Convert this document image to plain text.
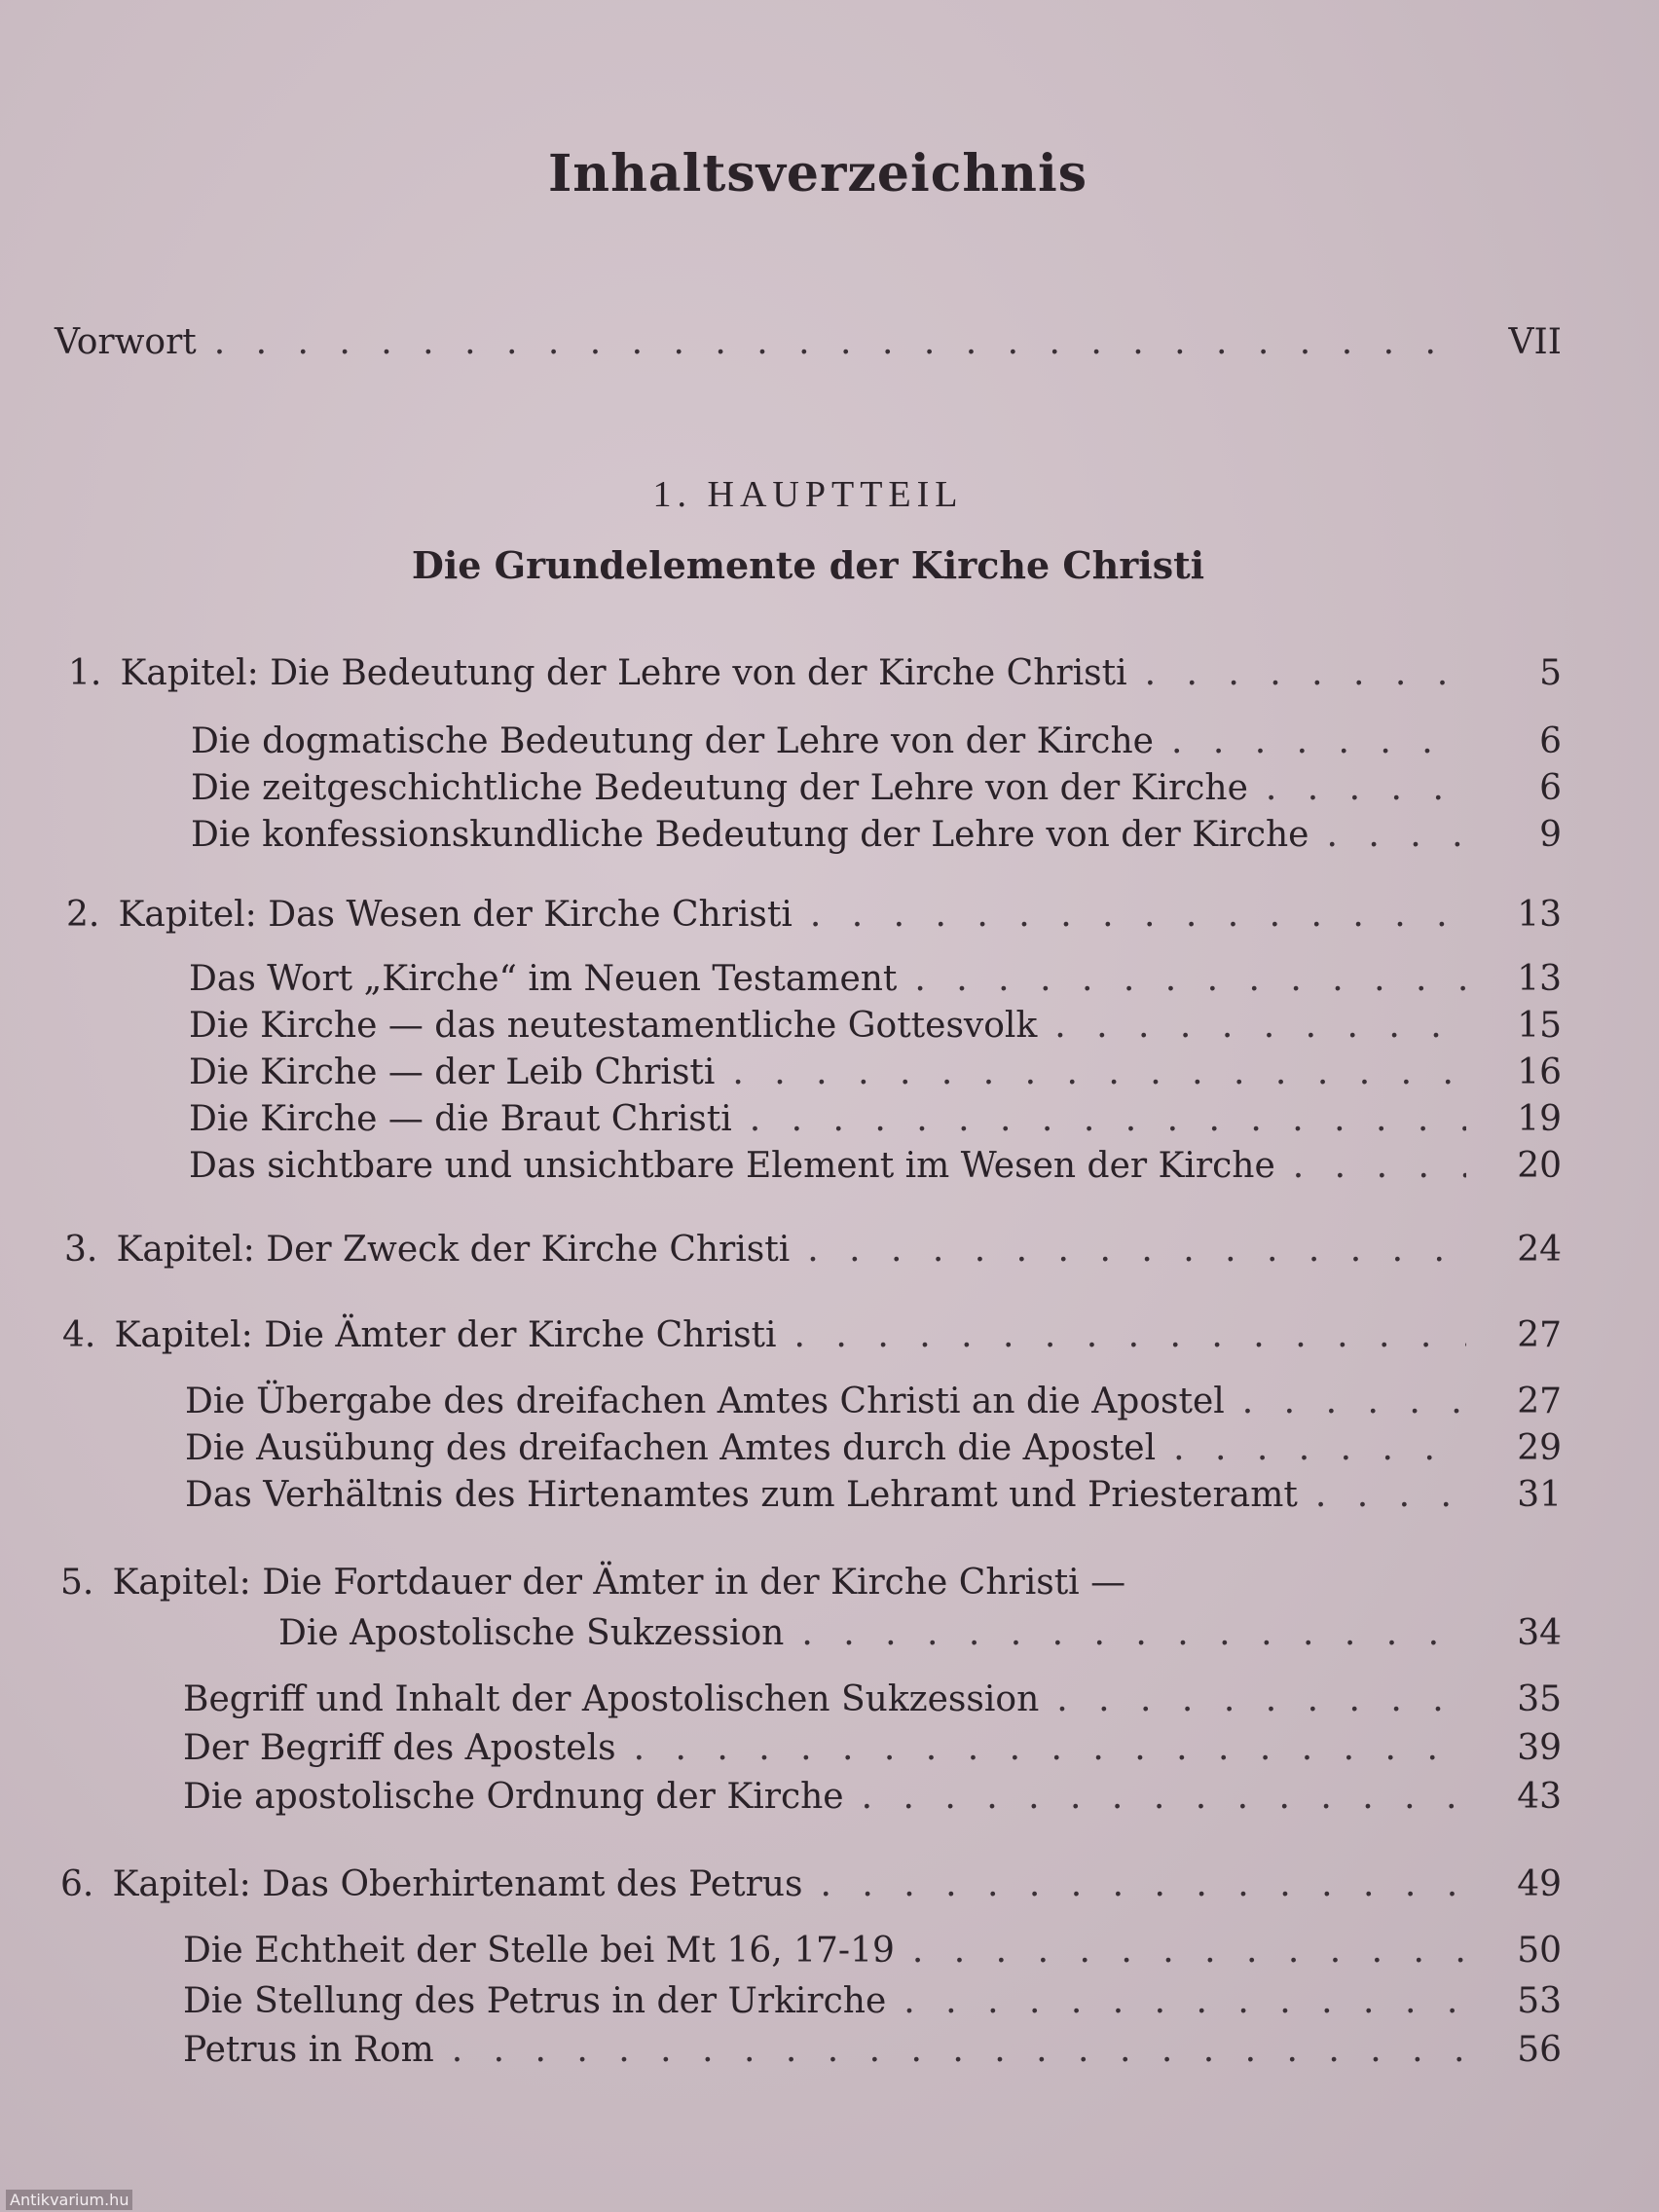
Inhaltsverzeichnis
Vorwort . . .	VII
1. HAUPTTEIL
Die Grundelemente der Kirche Christi
1. Kapitel: Die Bedeutung der Lehre von der Kirche Christi . . .	5
Die dogmatische Bedeutung der Lehre von der Kirche . . .	6
Die zeitgeschichtliche Bedeutung der Lehre von der Kirche . . .	6
Die konfessionskundliche Bedeutung der Lehre von der Kirche . . .	9
2. Kapitel: Das Wesen der Kirche Christi . . .	13
Das Wort „Kirche“ im Neuen Testament . . .	13
Die Kirche — das neutestamentliche Gottesvolk . . .	15
Die Kirche — der Leib Christi . . .	16
Die Kirche — die Braut Christi . . .	19
Das sichtbare und unsichtbare Element im Wesen der Kirche . . .	20
3. Kapitel: Der Zweck der Kirche Christi . . .	24
4. Kapitel: Die Ämter der Kirche Christi . . .	27
Die Übergabe des dreifachen Amtes Christi an die Apostel . . .	27
Die Ausübung des dreifachen Amtes durch die Apostel . . .	29
Das Verhältnis des Hirtenamtes zum Lehramt und Priesteramt . . .	31
5. Kapitel: Die Fortdauer der Ämter in der Kirche Christi —
Die Apostolische Sukzession . . .	34
Begriff und Inhalt der Apostolischen Sukzession . . .	35
Der Begriff des Apostels . . .	39
Die apostolische Ordnung der Kirche . . .	43
6. Kapitel: Das Oberhirtenamt des Petrus . . .	49
Die Echtheit der Stelle bei Mt 16, 17-19 . . .	50
Die Stellung des Petrus in der Urkirche . . .	53
Petrus in Rom . . .	56
Antikvarium.hu
